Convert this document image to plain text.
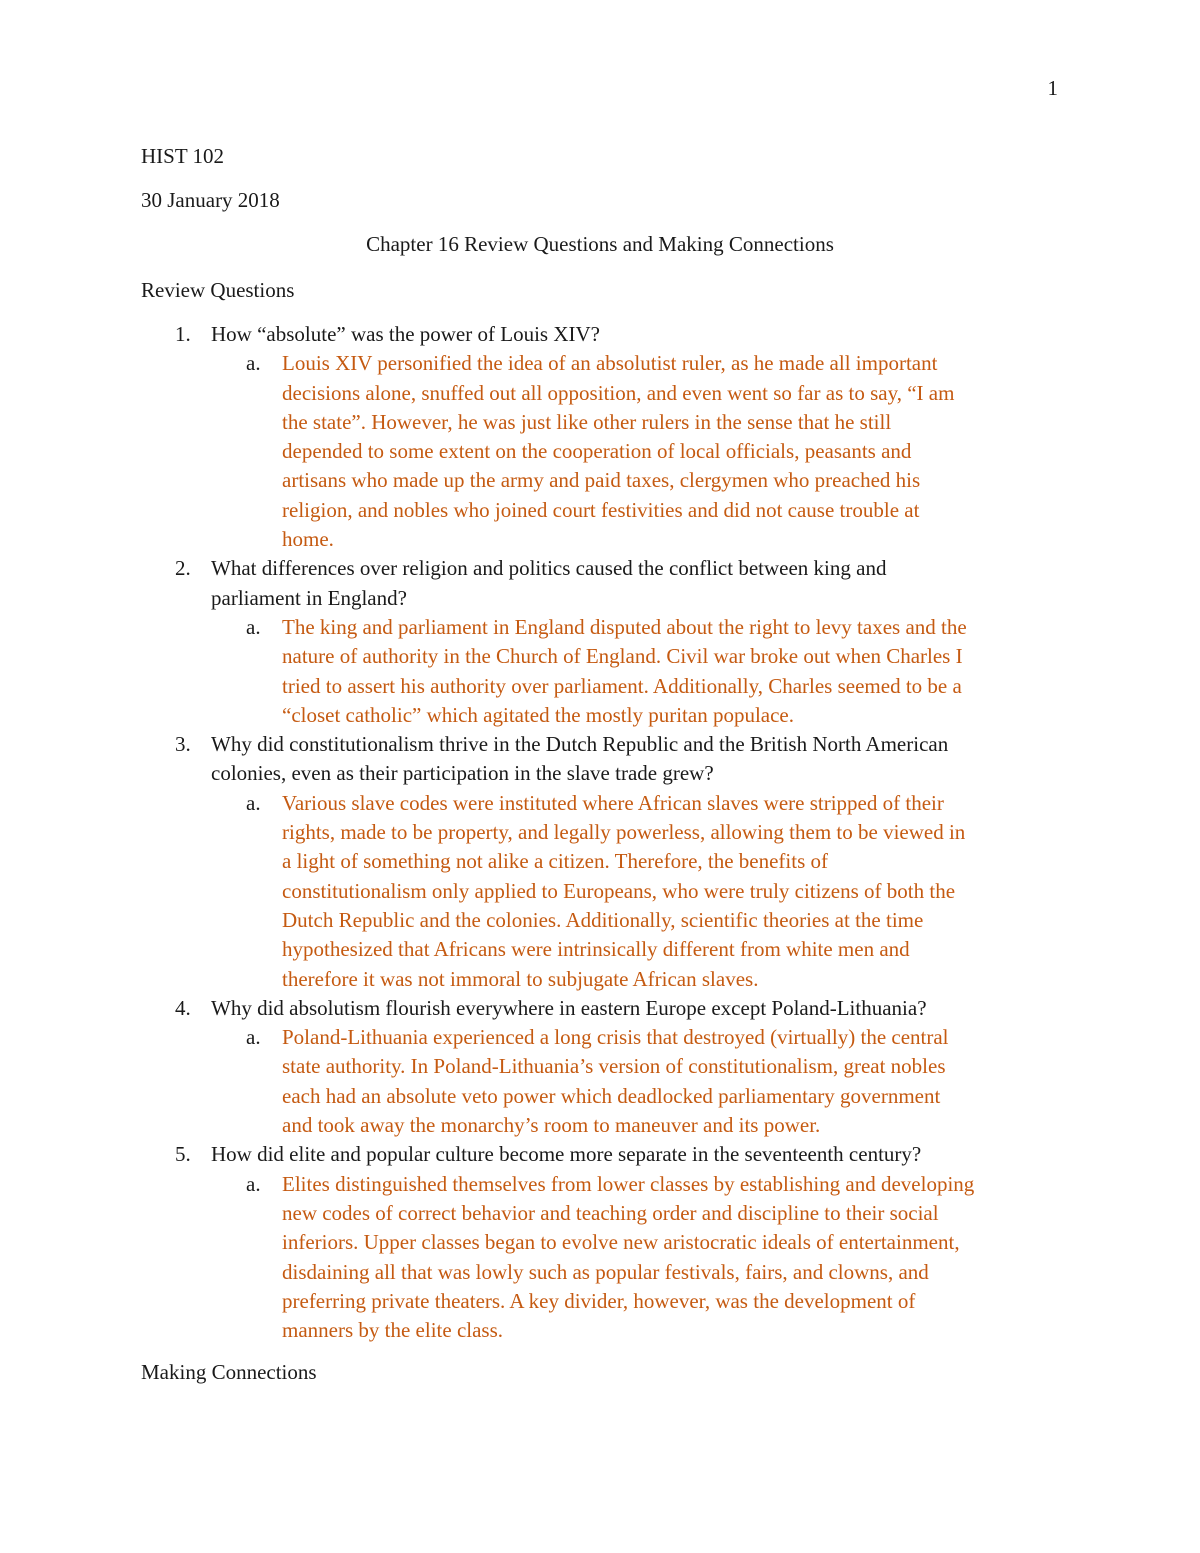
1
HIST 102
30 January 2018
Chapter 16 Review Questions and Making Connections
Review Questions
1. How “absolute” was the power of Louis XIV?
a. Louis XIV personified the idea of an absolutist ruler, as he made all important
decisions alone, snuffed out all opposition, and even went so far as to say, “I am
the state”. However, he was just like other rulers in the sense that he still
depended to some extent on the cooperation of local officials, peasants and
artisans who made up the army and paid taxes, clergymen who preached his
religion, and nobles who joined court festivities and did not cause trouble at
home.
2. What differences over religion and politics caused the conflict between king and
parliament in England?
a. The king and parliament in England disputed about the right to levy taxes and the
nature of authority in the Church of England. Civil war broke out when Charles I
tried to assert his authority over parliament. Additionally, Charles seemed to be a
“closet catholic” which agitated the mostly puritan populace.
3. Why did constitutionalism thrive in the Dutch Republic and the British North American
colonies, even as their participation in the slave trade grew?
a. Various slave codes were instituted where African slaves were stripped of their
rights, made to be property, and legally powerless, allowing them to be viewed in
a light of something not alike a citizen. Therefore, the benefits of
constitutionalism only applied to Europeans, who were truly citizens of both the
Dutch Republic and the colonies. Additionally, scientific theories at the time
hypothesized that Africans were intrinsically different from white men and
therefore it was not immoral to subjugate African slaves.
4. Why did absolutism flourish everywhere in eastern Europe except Poland-Lithuania?
a. Poland-Lithuania experienced a long crisis that destroyed (virtually) the central
state authority. In Poland-Lithuania’s version of constitutionalism, great nobles
each had an absolute veto power which deadlocked parliamentary government
and took away the monarchy’s room to maneuver and its power.
5. How did elite and popular culture become more separate in the seventeenth century?
a. Elites distinguished themselves from lower classes by establishing and developing
new codes of correct behavior and teaching order and discipline to their social
inferiors. Upper classes began to evolve new aristocratic ideals of entertainment,
disdaining all that was lowly such as popular festivals, fairs, and clowns, and
preferring private theaters. A key divider, however, was the development of
manners by the elite class.
Making Connections
